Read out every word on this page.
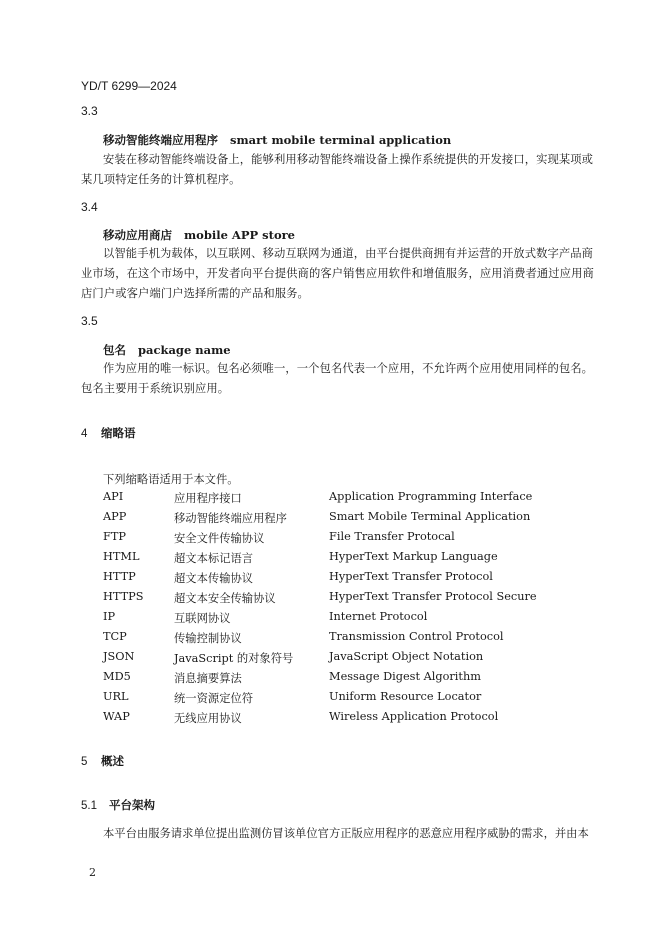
YD/T 6299—2024
3.3
移动智能终端应用程序 smart mobile terminal application
安装在移动智能终端设备上，能够利用移动智能终端设备上操作系统提供的开发接口，实现某项或某几项特定任务的计算机程序。
3.4
移动应用商店 mobile APP store
以智能手机为载体，以互联网、移动互联网为通道，由平台提供商拥有并运营的开放式数字产品商业市场，在这个市场中，开发者向平台提供商的客户销售应用软件和增值服务，应用消费者通过应用商店门户或客户端门户选择所需的产品和服务。
3.5
包名 package name
作为应用的唯一标识。包名必须唯一，一个包名代表一个应用，不允许两个应用使用同样的包名。包名主要用于系统识别应用。
4 缩略语
下列缩略语适用于本文件。
API	应用程序接口	Application Programming Interface
APP	移动智能终端应用程序	Smart Mobile Terminal Application
FTP	安全文件传输协议	File Transfer Protocal
HTML	超文本标记语言	HyperText Markup Language
HTTP	超文本传输协议	HyperText Transfer Protocol
HTTPS	超文本安全传输协议	HyperText Transfer Protocol Secure
IP	互联网协议	Internet Protocol
TCP	传输控制协议	Transmission Control Protocol
JSON	JavaScript 的对象符号	JavaScript Object Notation
MD5	消息摘要算法	Message Digest Algorithm
URL	统一资源定位符	Uniform Resource Locator
WAP	无线应用协议	Wireless Application Protocol
5 概述
5.1 平台架构
本平台由服务请求单位提出监测仿冒该单位官方正版应用程序的恶意应用程序威胁的需求，并由本
2
